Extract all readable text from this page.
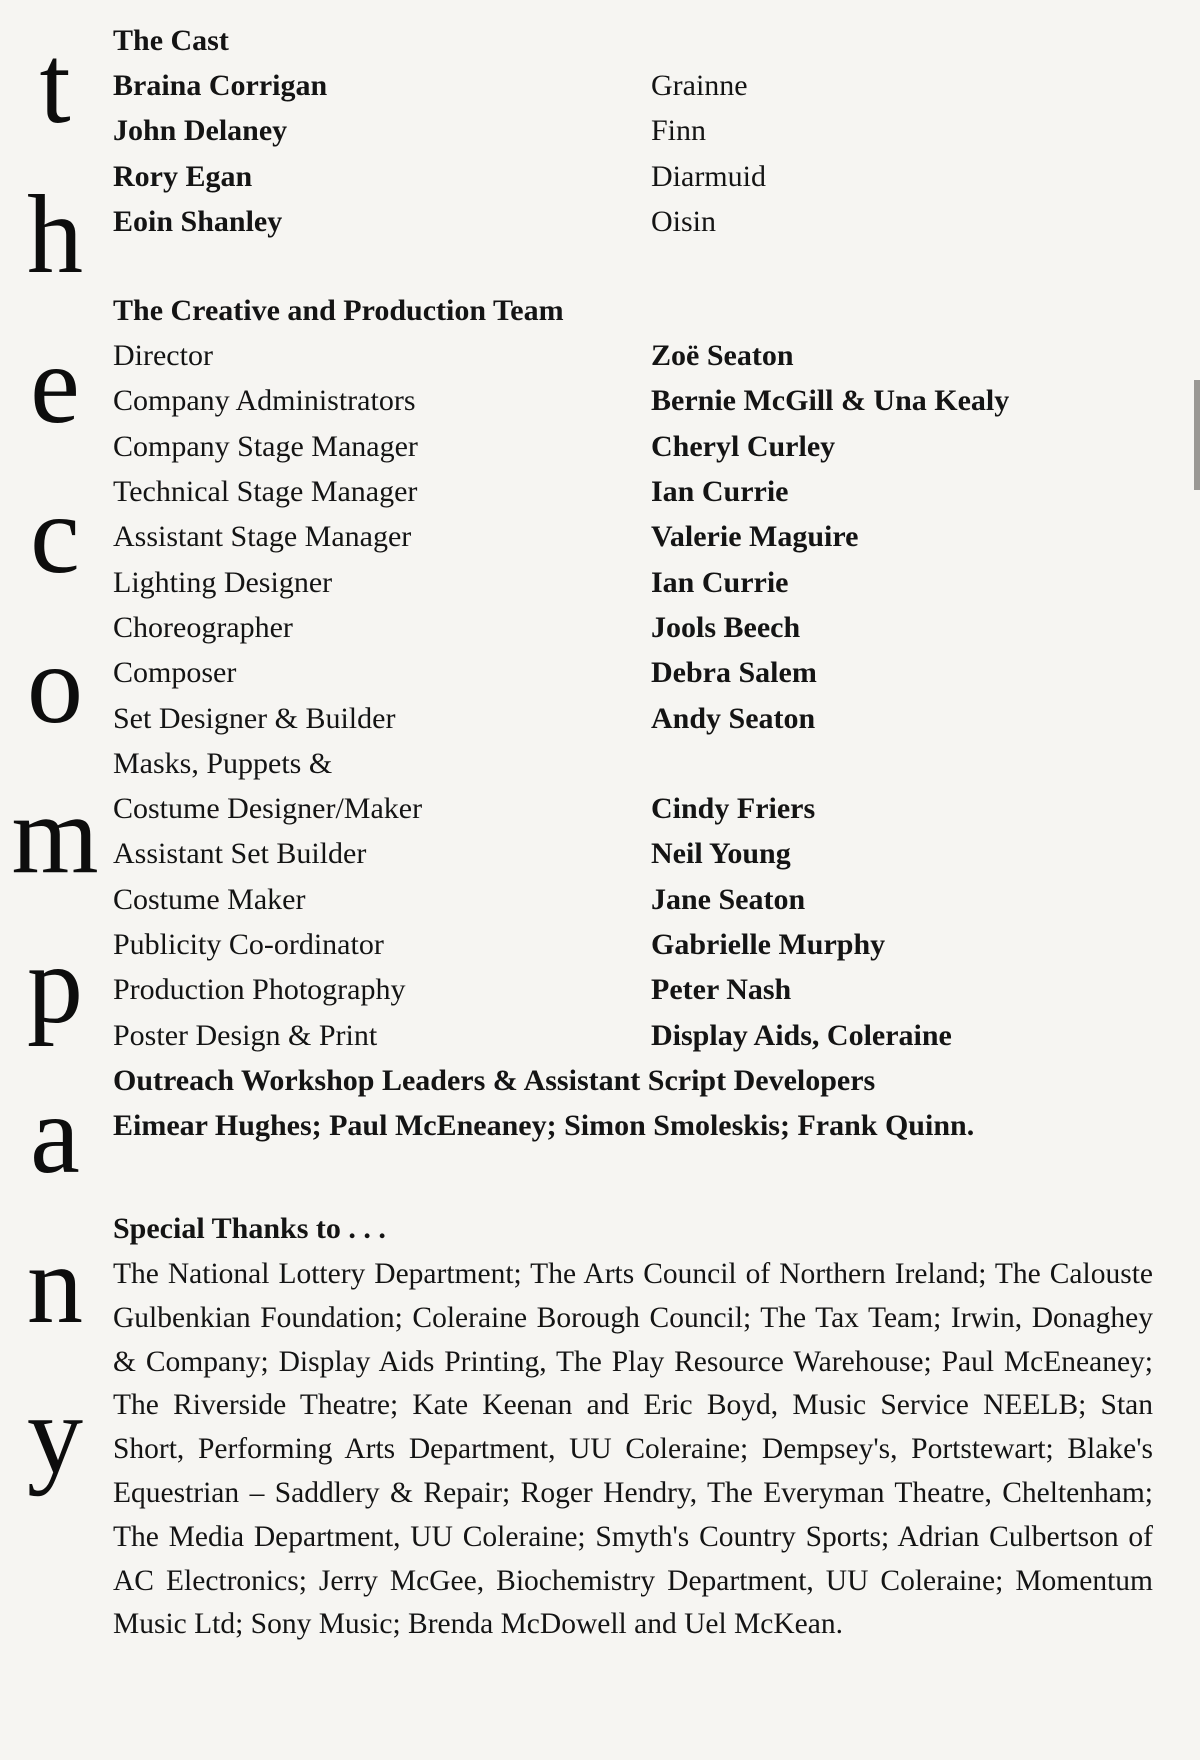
t
h
e
c
o
m
p
a
n
y
The Cast
Braina Corrigan	Grainne
John Delaney	Finn
Rory Egan	Diarmuid
Eoin Shanley	Oisin
The Creative and Production Team
Director	Zoë Seaton
Company Administrators	Bernie McGill & Una Kealy
Company Stage Manager	Cheryl Curley
Technical Stage Manager	Ian Currie
Assistant Stage Manager	Valerie Maguire
Lighting Designer	Ian Currie
Choreographer	Jools Beech
Composer	Debra Salem
Set Designer & Builder	Andy Seaton
Masks, Puppets &
Costume Designer/Maker	Cindy Friers
Assistant Set Builder	Neil Young
Costume Maker	Jane Seaton
Publicity Co-ordinator	Gabrielle Murphy
Production Photography	Peter Nash
Poster Design & Print	Display Aids, Coleraine
Outreach Workshop Leaders & Assistant Script Developers
Eimear Hughes; Paul McEneaney; Simon Smoleskis; Frank Quinn.
Special Thanks to . . .
The National Lottery Department; The Arts Council of Northern Ireland; The Calouste Gulbenkian Foundation; Coleraine Borough Council; The Tax Team; Irwin, Donaghey & Company; Display Aids Printing, The Play Resource Warehouse; Paul McEneaney; The Riverside Theatre; Kate Keenan and Eric Boyd, Music Service NEELB; Stan Short, Performing Arts Department, UU Coleraine; Dempsey's, Portstewart; Blake's Equestrian – Saddlery & Repair; Roger Hendry, The Everyman Theatre, Cheltenham; The Media Department, UU Coleraine; Smyth's Country Sports; Adrian Culbertson of AC Electronics; Jerry McGee, Biochemistry Department, UU Coleraine; Momentum Music Ltd; Sony Music; Brenda McDowell and Uel McKean.
